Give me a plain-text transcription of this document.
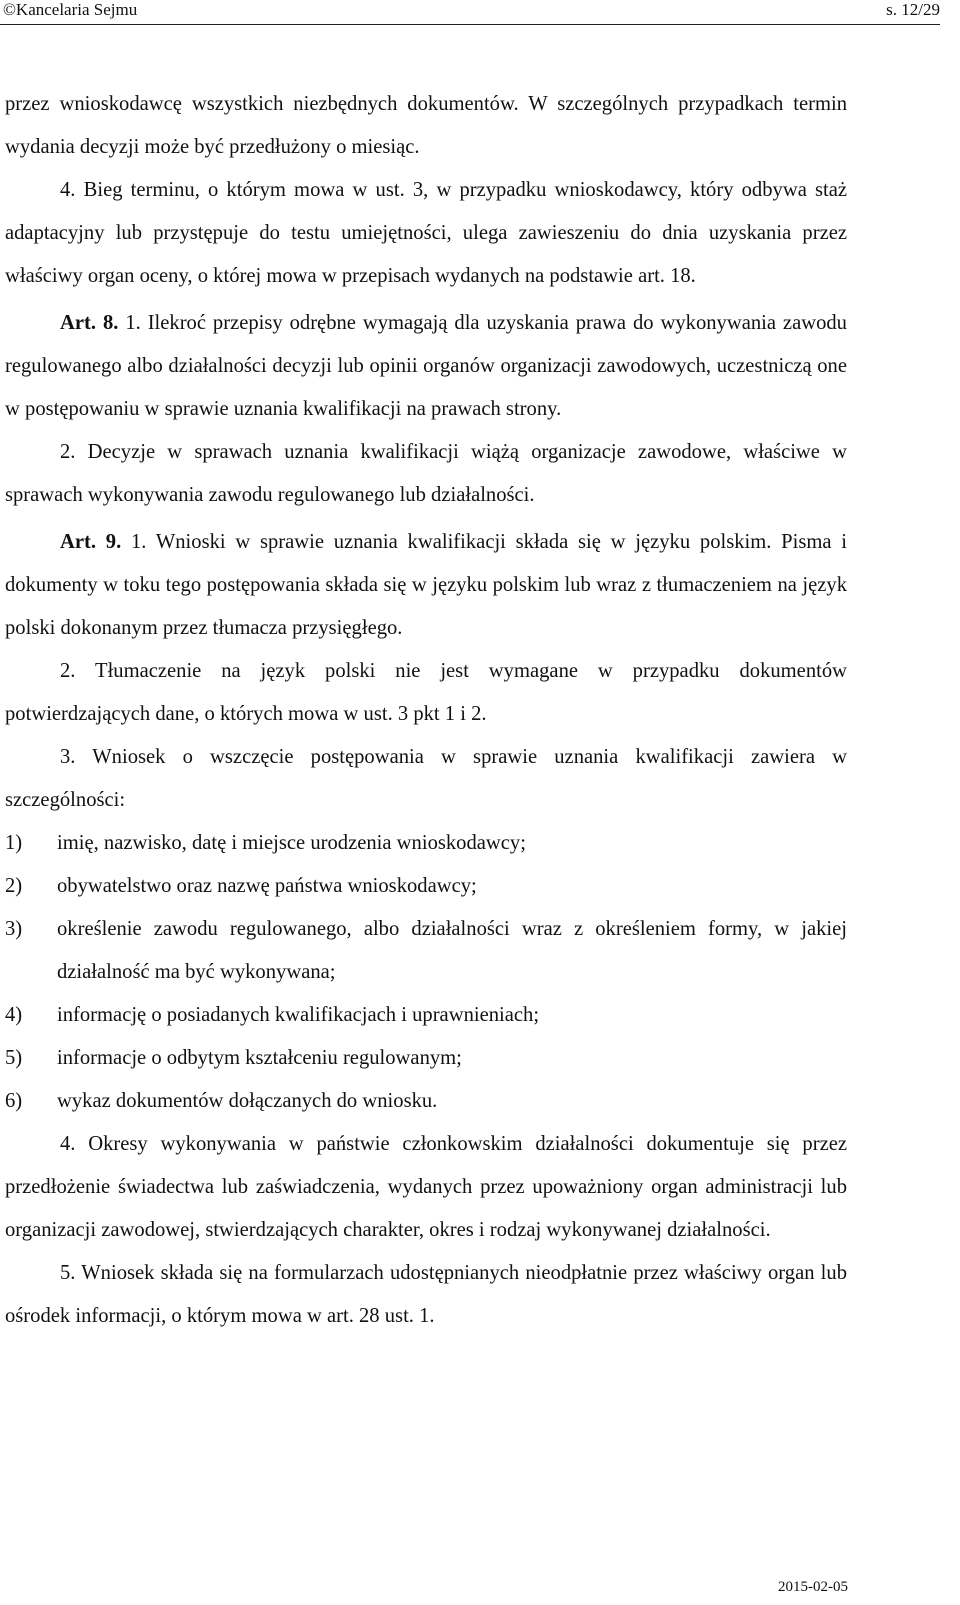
©Kancelaria Sejmu	s. 12/29

przez wnioskodawcę wszystkich niezbędnych dokumentów. W szczególnych przypadkach termin wydania decyzji może być przedłużony o miesiąc.

4. Bieg terminu, o którym mowa w ust. 3, w przypadku wnioskodawcy, który odbywa staż adaptacyjny lub przystępuje do testu umiejętności, ulega zawieszeniu do dnia uzyskania przez właściwy organ oceny, o której mowa w przepisach wydanych na podstawie art. 18.

Art. 8. 1. Ilekroć przepisy odrębne wymagają dla uzyskania prawa do wykonywania zawodu regulowanego albo działalności decyzji lub opinii organów organizacji zawodowych, uczestniczą one w postępowaniu w sprawie uznania kwalifikacji na prawach strony.

2. Decyzje w sprawach uznania kwalifikacji wiążą organizacje zawodowe, właściwe w sprawach wykonywania zawodu regulowanego lub działalności.

Art. 9. 1. Wnioski w sprawie uznania kwalifikacji składa się w języku polskim. Pisma i dokumenty w toku tego postępowania składa się w języku polskim lub wraz z tłumaczeniem na język polski dokonanym przez tłumacza przysięgłego.

2. Tłumaczenie na język polski nie jest wymagane w przypadku dokumentów potwierdzających dane, o których mowa w ust. 3 pkt 1 i 2.

3. Wniosek o wszczęcie postępowania w sprawie uznania kwalifikacji zawiera w szczególności:

1)	imię, nazwisko, datę i miejsce urodzenia wnioskodawcy;
2)	obywatelstwo oraz nazwę państwa wnioskodawcy;
3)	określenie zawodu regulowanego, albo działalności wraz z określeniem formy, w jakiej działalność ma być wykonywana;
4)	informację o posiadanych kwalifikacjach i uprawnieniach;
5)	informacje o odbytym kształceniu regulowanym;
6)	wykaz dokumentów dołączanych do wniosku.

4. Okresy wykonywania w państwie członkowskim działalności dokumentuje się przez przedłożenie świadectwa lub zaświadczenia, wydanych przez upoważniony organ administracji lub organizacji zawodowej, stwierdzających charakter, okres i rodzaj wykonywanej działalności.

5. Wniosek składa się na formularzach udostępnianych nieodpłatnie przez właściwy organ lub ośrodek informacji, o którym mowa w art. 28 ust. 1.

2015-02-05
